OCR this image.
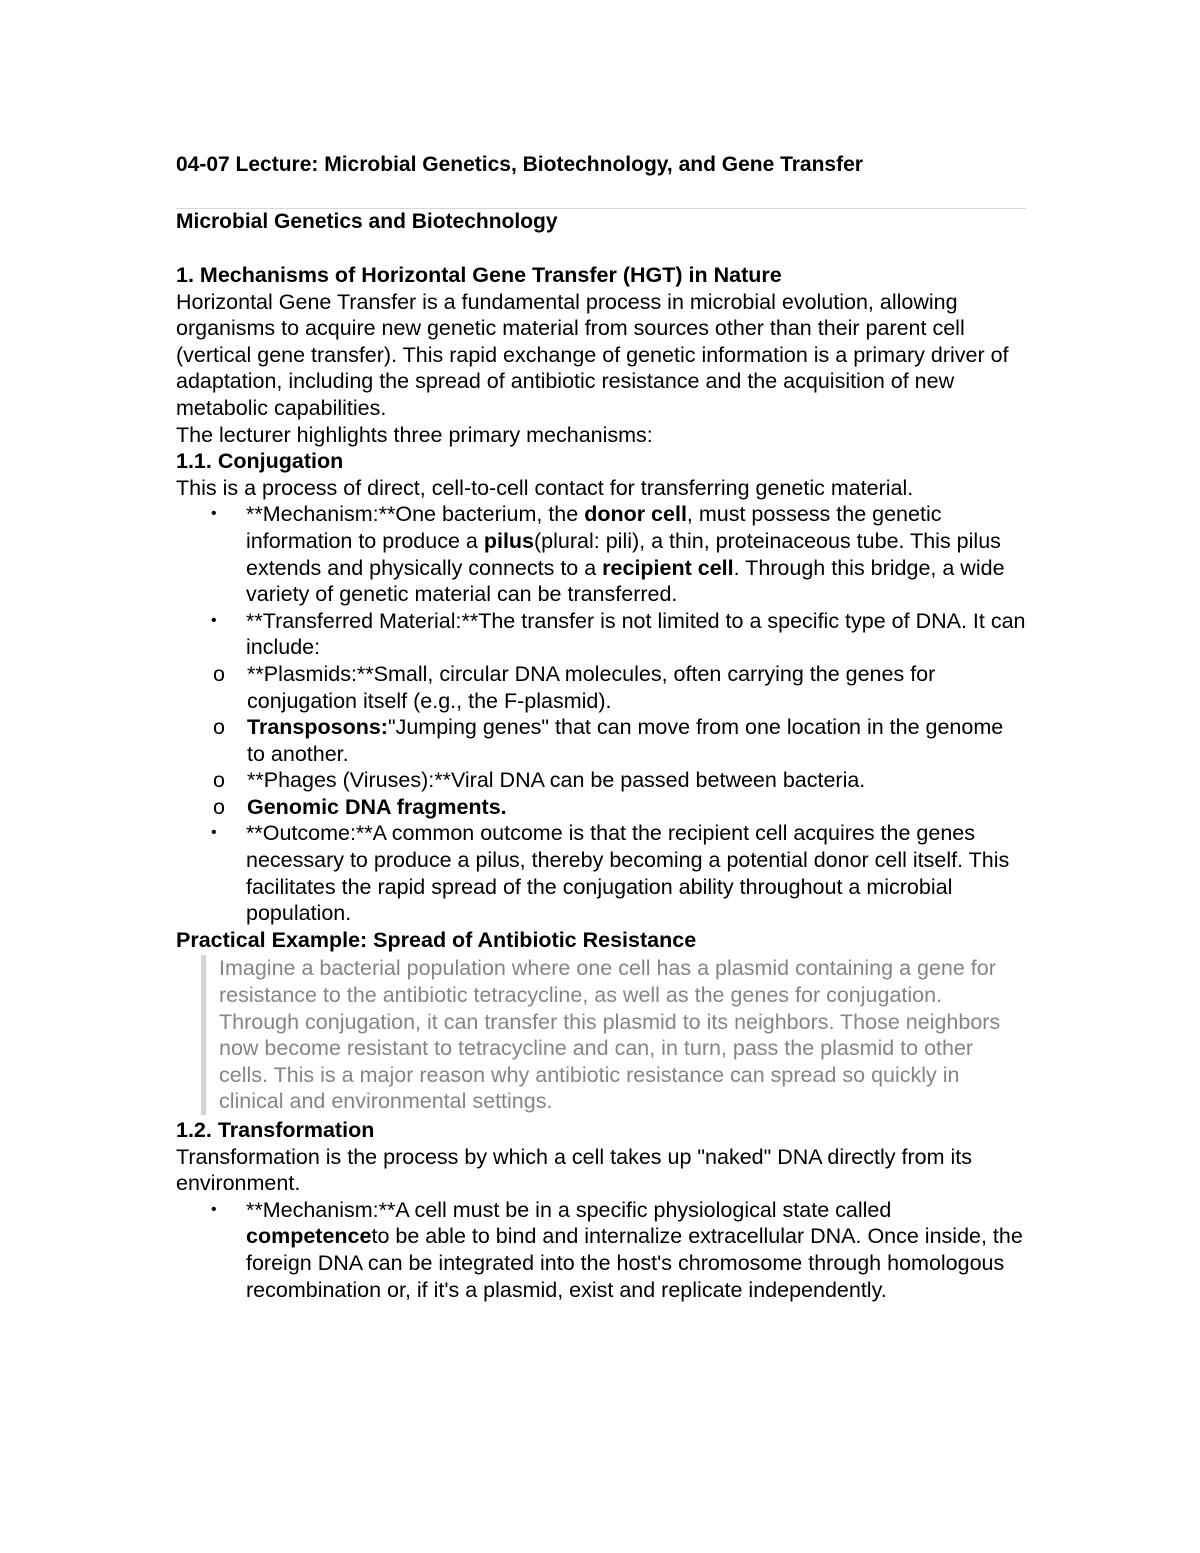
04-07 Lecture: Microbial Genetics, Biotechnology, and Gene Transfer
Microbial Genetics and Biotechnology
1. Mechanisms of Horizontal Gene Transfer (HGT) in Nature

Horizontal Gene Transfer is a fundamental process in microbial evolution, allowing organisms to acquire new genetic material from sources other than their parent cell (vertical gene transfer). This rapid exchange of genetic information is a primary driver of adaptation, including the spread of antibiotic resistance and the acquisition of new metabolic capabilities.

The lecturer highlights three primary mechanisms:

1.1. Conjugation

This is a process of direct, cell-to-cell contact for transferring genetic material.

• **Mechanism:**One bacterium, the donor cell, must possess the genetic information to produce a pilus(plural: pili), a thin, proteinaceous tube. This pilus extends and physically connects to a recipient cell. Through this bridge, a wide variety of genetic material can be transferred.
• **Transferred Material:**The transfer is not limited to a specific type of DNA. It can include:
o **Plasmids:**Small, circular DNA molecules, often carrying the genes for conjugation itself (e.g., the F-plasmid).
o Transposons:"Jumping genes" that can move from one location in the genome to another.
o **Phages (Viruses):**Viral DNA can be passed between bacteria.
o Genomic DNA fragments.
• **Outcome:**A common outcome is that the recipient cell acquires the genes necessary to produce a pilus, thereby becoming a potential donor cell itself. This facilitates the rapid spread of the conjugation ability throughout a microbial population.
Practical Example: Spread of Antibiotic Resistance
Imagine a bacterial population where one cell has a plasmid containing a gene for resistance to the antibiotic tetracycline, as well as the genes for conjugation. Through conjugation, it can transfer this plasmid to its neighbors. Those neighbors now become resistant to tetracycline and can, in turn, pass the plasmid to other cells. This is a major reason why antibiotic resistance can spread so quickly in clinical and environmental settings.
1.2. Transformation

Transformation is the process by which a cell takes up "naked" DNA directly from its environment.

• **Mechanism:**A cell must be in a specific physiological state called competenceto be able to bind and internalize extracellular DNA. Once inside, the foreign DNA can be integrated into the host's chromosome through homologous recombination or, if it's a plasmid, exist and replicate independently.
